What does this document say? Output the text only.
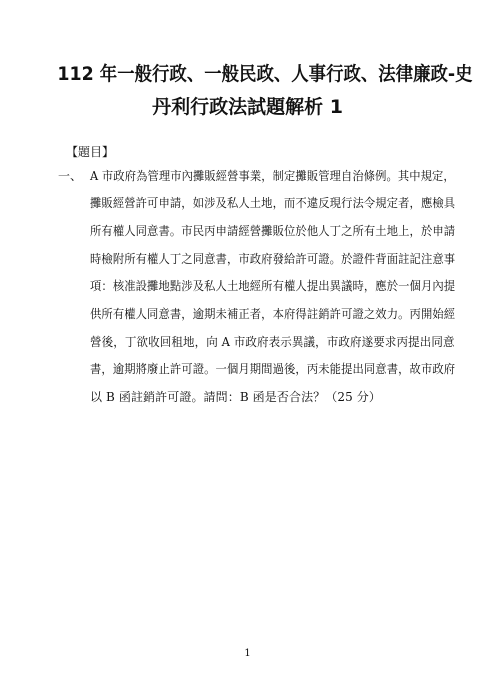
112 年一般行政、一般民政、人事行政、法律廉政-史
丹利行政法試題解析 1
【題目】
一、 A 市政府為管理市內攤販經營事業，制定攤販管理自治條例。其中規定，
攤販經營許可申請，如涉及私人土地，而不違反現行法令規定者，應檢具
所有權人同意書。市民丙申請經營攤販位於他人丁之所有土地上，於申請
時檢附所有權人丁之同意書，市政府發給許可證。於證件背面註記注意事
項：核准設攤地點涉及私人土地經所有權人提出異議時，應於一個月內提
供所有權人同意書，逾期未補正者，本府得註銷許可證之效力。丙開始經
營後，丁欲收回租地，向 A 市政府表示異議，市政府遂要求丙提出同意
書，逾期將廢止許可證。一個月期間過後，丙未能提出同意書，故市政府
以 B 函註銷許可證。請問：B 函是否合法？（25 分）
1
